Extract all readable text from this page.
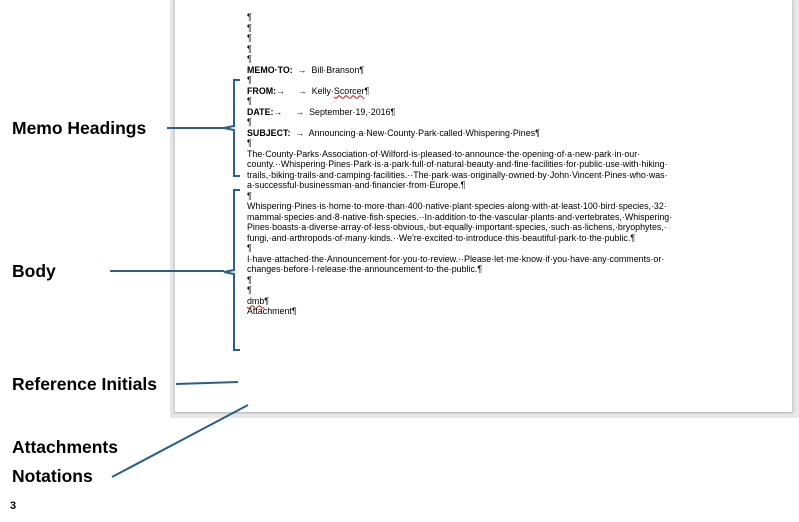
¶
¶
¶
¶
¶
MEMO·TO:  →  Bill·Branson¶
¶
FROM:→  →  Kelly·Scorcer¶
¶
DATE:→  →  September·19,·2016¶
¶
SUBJECT:  →  Announcing·a·New·County·Park·called·Whispering·Pines¶
¶
The·County·Parks·Association·of·Wilford·is·pleased·to·announce·the·opening·of·a·new·park·in·our·
county.··Whispering·Pines·Park·is·a·park·full·of·natural·beauty·and·fine·facilities·for·public·use·with·hiking·
trails,·biking·trails·and·camping·facilities.··The·park·was·originally·owned·by·John·Vincent·Pines·who·was·
a·successful·businessman·and·financier·from·Europe.¶
¶
Whispering·Pines·is·home·to·more·than·400·native·plant·species·along·with·at·least·100·bird·species,·32·
mammal·species·and·8·native·fish·species.··In·addition·to·the·vascular·plants·and·vertebrates,·Whispering·
Pines·boasts·a·diverse·array·of·less·obvious,·but·equally·important·species,·such·as·lichens,·bryophytes,·
fungi,·and·arthropods·of·many·kinds.··We're·excited·to·introduce·this·beautiful·park·to·the·public.¶
¶
I·have·attached·the·Announcement·for·you·to·review.··Please·let·me·know·if·you·have·any·comments·or·
changes·before·I·release·the·announcement·to·the·public.¶
¶
¶
dmb¶
Attachment¶
Memo Headings
Body
Reference Initials
Attachments
Notations
3
